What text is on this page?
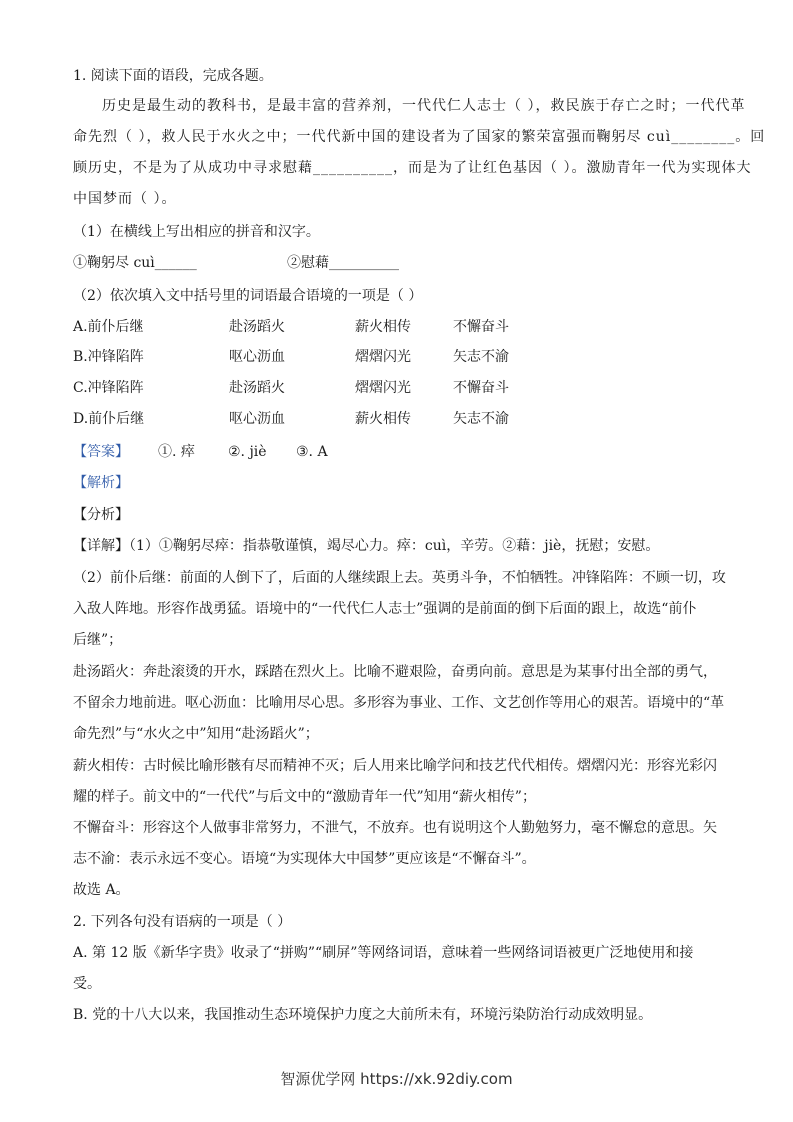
1. 阅读下面的语段，完成各题。
历史是最生动的教科书，是最丰富的营养剂，一代代仁人志士（ ），救民族于存亡之时；一代代革
命先烈（ ），救人民于水火之中；一代代新中国的建设者为了国家的繁荣富强而鞠躬尽 cuì________。回
顾历史，不是为了从成功中寻求慰藉__________，而是为了让红色基因（ ）。激励青年一代为实现体大
中国梦而（ ）。
（1）在横线上写出相应的拼音和汉字。
①鞠躬尽 cuì______	②慰藉__________
（2）依次填入文中括号里的词语最合语境的一项是（ ）
A.前仆后继	赴汤蹈火	薪火相传	不懈奋斗
B.冲锋陷阵	呕心沥血	熠熠闪光	矢志不渝
C.冲锋陷阵	赴汤蹈火	熠熠闪光	不懈奋斗
D.前仆后继	呕心沥血	薪火相传	矢志不渝
【答案】 ①. 瘁 ②. jiè ③. A
【解析】
【分析】
【详解】（1）①鞠躬尽瘁：指恭敬谨慎，竭尽心力。瘁：cuì，辛劳。②藉：jiè，抚慰；安慰。
（2）前仆后继：前面的人倒下了，后面的人继续跟上去。英勇斗争，不怕牺牲。冲锋陷阵：不顾一切，攻
入敌人阵地。形容作战勇猛。语境中的“一代代仁人志士”强调的是前面的倒下后面的跟上，故选“前仆
后继”；
赴汤蹈火：奔赴滚烫的开水，踩踏在烈火上。比喻不避艰险，奋勇向前。意思是为某事付出全部的勇气，
不留余力地前进。呕心沥血：比喻用尽心思。多形容为事业、工作、文艺创作等用心的艰苦。语境中的“革
命先烈”与“水火之中”知用“赴汤蹈火”；
薪火相传：古时候比喻形骸有尽而精神不灭；后人用来比喻学问和技艺代代相传。熠熠闪光：形容光彩闪
耀的样子。前文中的“一代代”与后文中的“激励青年一代”知用“薪火相传”；
不懈奋斗：形容这个人做事非常努力，不泄气，不放弃。也有说明这个人勤勉努力，毫不懈怠的意思。矢
志不渝：表示永远不变心。语境“为实现体大中国梦”更应该是“不懈奋斗”。
故选 A。
2. 下列各句没有语病的一项是（ ）
A. 第 12 版《新华字贵》收录了“拼购”“刷屏”等网络词语，意味着一些网络词语被更广泛地使用和接
受。
B. 党的十八大以来，我国推动生态环境保护力度之大前所未有，环境污染防治行动成效明显。
智源优学网 https://xk.92diy.com
